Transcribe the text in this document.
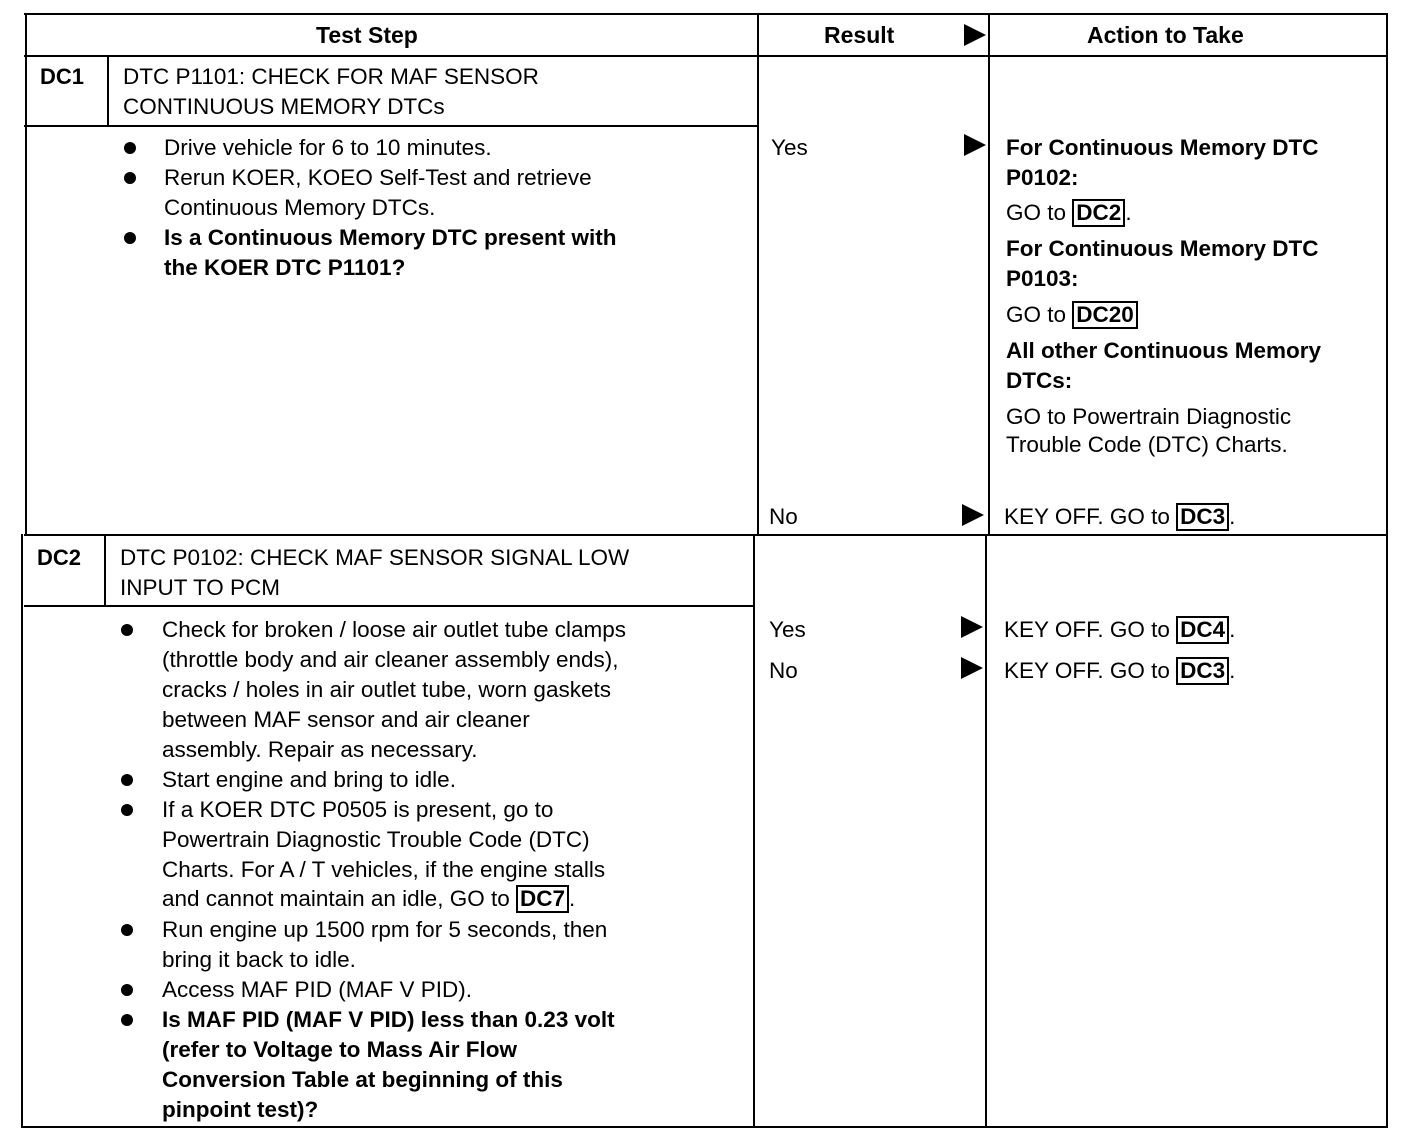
Test Step	Result	Action to Take
DC1 DTC P1101: CHECK FOR MAF SENSOR
CONTINUOUS MEMORY DTCs
Drive vehicle for 6 to 10 minutes.
Rerun KOER, KOEO Self-Test and retrieve
Continuous Memory DTCs.
Is a Continuous Memory DTC present with
the KOER DTC P1101?
Yes	For Continuous Memory DTC
P0102:
GO to DC2 .
For Continuous Memory DTC
P0103:
GO to DC20
All other Continuous Memory
DTCs:
GO to Powertrain Diagnostic
Trouble Code (DTC) Charts.
No	KEY OFF. GO to DC3 .
DC2 DTC P0102: CHECK MAF SENSOR SIGNAL LOW
INPUT TO PCM
Check for broken / loose air outlet tube clamps
(throttle body and air cleaner assembly ends),
cracks / holes in air outlet tube, worn gaskets
between MAF sensor and air cleaner
assembly. Repair as necessary.
Start engine and bring to idle.
If a KOER DTC P0505 is present, go to
Powertrain Diagnostic Trouble Code (DTC)
Charts. For A / T vehicles, if the engine stalls
and cannot maintain an idle, GO to DC7 .
Run engine up 1500 rpm for 5 seconds, then
bring it back to idle.
Access MAF PID (MAF V PID).
Is MAF PID (MAF V PID) less than 0.23 volt
(refer to Voltage to Mass Air Flow
Conversion Table at beginning of this
pinpoint test)?
Yes	KEY OFF. GO to DC4 .
No	KEY OFF. GO to DC3 .
